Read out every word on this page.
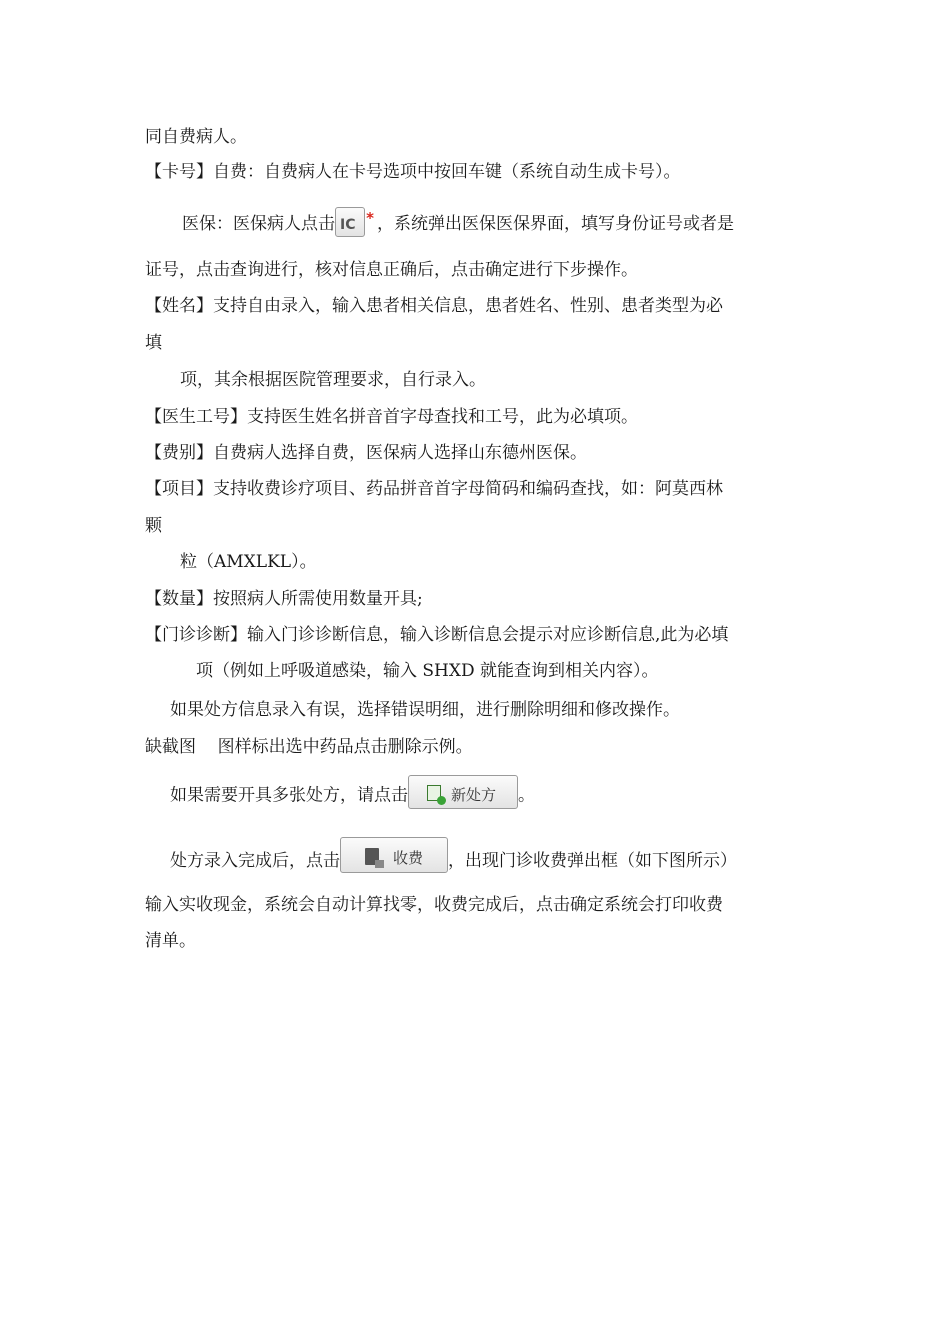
同自费病人。
【卡号】自费：自费病人在卡号选项中按回车键（系统自动生成卡号）。
医保：医保病人点击 IC * ，系统弹出医保医保界面，填写身份证号或者是
证号，点击查询进行，核对信息正确后，点击确定进行下步操作。
【姓名】支持自由录入，输入患者相关信息，患者姓名、性别、患者类型为必
填
项，其余根据医院管理要求，自行录入。
【医生工号】支持医生姓名拼音首字母查找和工号，此为必填项。
【费别】自费病人选择自费，医保病人选择山东德州医保。
【项目】支持收费诊疗项目、药品拼音首字母简码和编码查找，如：阿莫西林
颗
粒（AMXLKL）。
【数量】按照病人所需使用数量开具;
【门诊诊断】输入门诊诊断信息，输入诊断信息会提示对应诊断信息,此为必填
项（例如上呼吸道感染，输入 SHXD 就能查询到相关内容）。
如果处方信息录入有误，选择错误明细，进行删除明细和修改操作。
缺截图    图样标出选中药品点击删除示例。
如果需要开具多张处方，请点击	新处方 。
处方录入完成后，点击	收费 ，出现门诊收费弹出框（如下图所示）
输入实收现金，系统会自动计算找零，收费完成后，点击确定系统会打印收费
清单。
